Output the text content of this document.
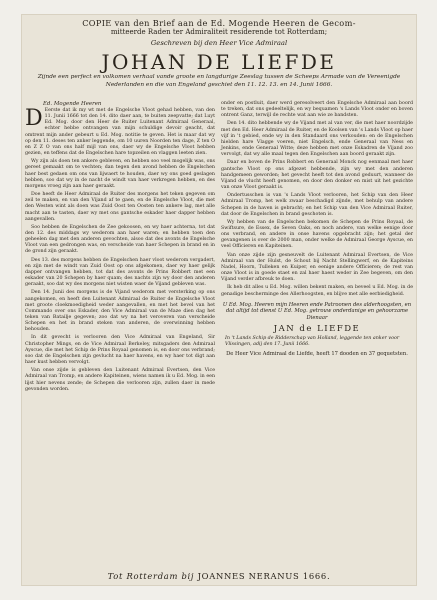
COPIE van den Brief aan de Ed. Mogende Heeren de Gecom-
mitteerde Raden ter Admiraliteit residerende tot Rotterdam;
Geschreven bij den Heer Vice Admiraal
JOHAN DE LIEFDE
Zijnde een perfect en volkomen verhaal vande groote en langdurige Zeeslag tussen de Scheeps Armade van de Vereenigde Nederlanden en die van Engeland geschiet den 11. 12. 13. en 14. Junii 1666.
Ed. Mogende Heeren

D Eerste dat ik my wt met de Engelsche Vloot gehad hebben, van den 11. Junii 1666 tot den 14. dito daer aan, te buiten zeepvatte; dat Luyt Ed. Mog. door den Heer de Ruiter Luitenant Admiraal Generaal, echter hebbe ontvangen van mijn schuldige devoir geacht, dat omtrent mijn ander gebeurt u Ed. Mog. notitie te geven. Het is maar dat wy op den 11. deses ten anker leggende, om 10 uuren Noorden ten dage, Z ten O en Z Z O van ons half mijl van ons, daer wy de Engelsche Vloot hebben gezien, en teffens dat de Engelschen hare topzeilen en vlaggen leeten zien.

Wy zijn als doen ten ankere gebleven, en hebben soo veel mogelijk was, ons gereet gemaakt om te vechten; dan tegen den avond hebben de Engelschen haer best gedaen om ons van lijwaert te houden, daer wy ons goed geslagen hebben, soo dat wy in de nacht de windt van haer verkregen hebben, en des morgens vroeg zijn aan haer geraakt.

Doe heeft de Heer Admiraal de Ruiter des morgens het teken gegeven om zeil te maken, en van den Vijand af te gaen, en de Engelsche Vloot, die met den Westen wint als doen was Zuid Oost ten Oosten ten ankere lag, met alle macht aan te tasten, daer wy met ons gantsche eskader haer dapper hebben aangevallen.

Soo hebben de Engelschen de Zee gekoosen, en wy haer achterna, tot dat den 12. des middags wy wederom aan haer waren; en hebben toen den geheelen dag met den anderen gevochten, alsoo dat des avonts de Engelsche Vloot van een gedrongen was, en verscheide van haer Schepen in brand en in de grond zijn geraakt.

Des 13. des morgens hebben de Engelschen haer vloot wederom vergadert, en zijn met de windt van Zuid Oost op ons afgekomen, daer wy haer gelijk dapper ontvangen hebben, tot dat des avonts de Prins Robbert met een eskader van 20 Schepen by haer quam; des nachts zijn wy door den anderen geraakt, soo dat wy des morgens niet wisten waer de Vijand gebleven was.

Den 14. Junii des morgens is de Vijand wederom met versterking op ons aangekomen, en heeft den Luitenant Admiraal de Ruiter de Engelsche Vloot met groote cloekmoedigheid weder aangevallen, en met het bevel van het Commando over ons Eskader, den Vice Admiraal van de Maze dien dag het teken van Batailje gegeven; zoo dat wy na het veroveren van verscheide Schepen en het in brand steken van anderen, de overwinning hebben behouden.

In dit gevecht is verlooren den Vice Admiraal van Engeland, Sir Christopher Mings, en de Vice Admiraal Berkeley, mitsgaders den Admiraal Ayscue, die met het Schip de Prins Royaal genomen is, en door ons verbrand; soo dat de Engelschen zijn gevlucht na haer havens, en wy haer tot digt aan haer kust hebben vervolgt.

Van onse zijde is gebleven den Luitenant Admiraal Evertsen, den Vice Admiraal van Tromp, en andere Kapiteinen, wiens namen ik u Ed. Mog. in een lijst hier nevens zende; de Schepen die verlooren zijn, zullen daer in mede gevonden worden.

onder en postluit, daer werd geresolveert den Engelsche Admiraal aan boord te treken, dat ons gedeeltelijk, en wy bequamen 's Lands Vloot onder en boven ontrent Ganz, terwijl de rechte wat aan wie ze bandsten.

Den 14. dito hebbende wy de Vijand met al van ver, die met haer noordzijde met den Ed. Heer Admiraal de Ruiter, en de Koolsen van 's Lands Vloot op haer vijf in 't gebied, ende wy in den Standaard ons verkouden: en de Engelschen hielden hare Vlagge voeren, niet Engelsch, ende Generaal van Ness en Jenkins, ende Generaal Witte; deze hebben met onze Eskadren de Vijand zoo vervolgt, dat wy alle maal tegen den Engelschen aan boord geraakt zijn.

Daar en boven de Prins Robbert en Generaal Monck nog eenmaal met haer gantsche Vloot op ons afgezet hebbende, zijn wy met den anderen handgemeen geworden; het gevecht heeft tot den avond geduurt, wanneer de Vijand de vlucht heeft genomen, en door den donker en mist uit het gezichte van onze Vloot geraakt is.

Ondertusschen is van 's Lands Vloot verlooren, het Schip van den Heer Admiraal Tromp, het welk zwaar beschadigd zijnde, met behulp van andere Schepen in de haven is gebracht; en het Schip van den Vice Admiraal Ruiter, dat door de Engelschen in brand geschoten is.

Wy hebben van de Engelschen bekomen de Schepen de Prins Royaal, de Swiftsure, de Essex, de Seven Oaks, en noch andere, van welke eenige door ons verbrand, en andere in onse havens opgebracht zijn; het getal der gevangenen is over de 2000 man, onder welke de Admiraal George Ayscue, en veel Officieren en Kapiteinen.

Van onze zijde zijn gesneuvelt de Luitenant Admiraal Evertsen, de Vice Admiraal van der Hulst, de Schout bij Nacht Stellingwerf, en de Kapiteins Nadel, Hoorn, Tulleken en Kuiper, en eenige andere Officieren; de rest van onze Vloot is in goede staet en zal haer haest weder in Zee begeven, om den Vijand verder afbreuk te doen.

Ik heb dit alles u Ed. Mog. willen bekent maken, en beveel u Ed. Mog. in de genadige bescherminge des Allerhoogsten, en blijve met alle eerbiedigheid.

U Ed. Mog. Heeren mijn Heeren ende Patroonen des alderhoogsten, en dat altijd tot dienst U Ed. Mog. getrouw onderdanige en gehoorzame Dienaar
JAN de LIEFDE
In 't Lands Schip de Ridderschap van Holland, leggende ten anker voor Vlissingen, adij den 17. Junii 1666.
De Heer Vice Admiraal de Liefde, heeft 17 dooden en 37 gequetsten.
Tot Rotterdam bij JOANNES NERANUS 1666.
